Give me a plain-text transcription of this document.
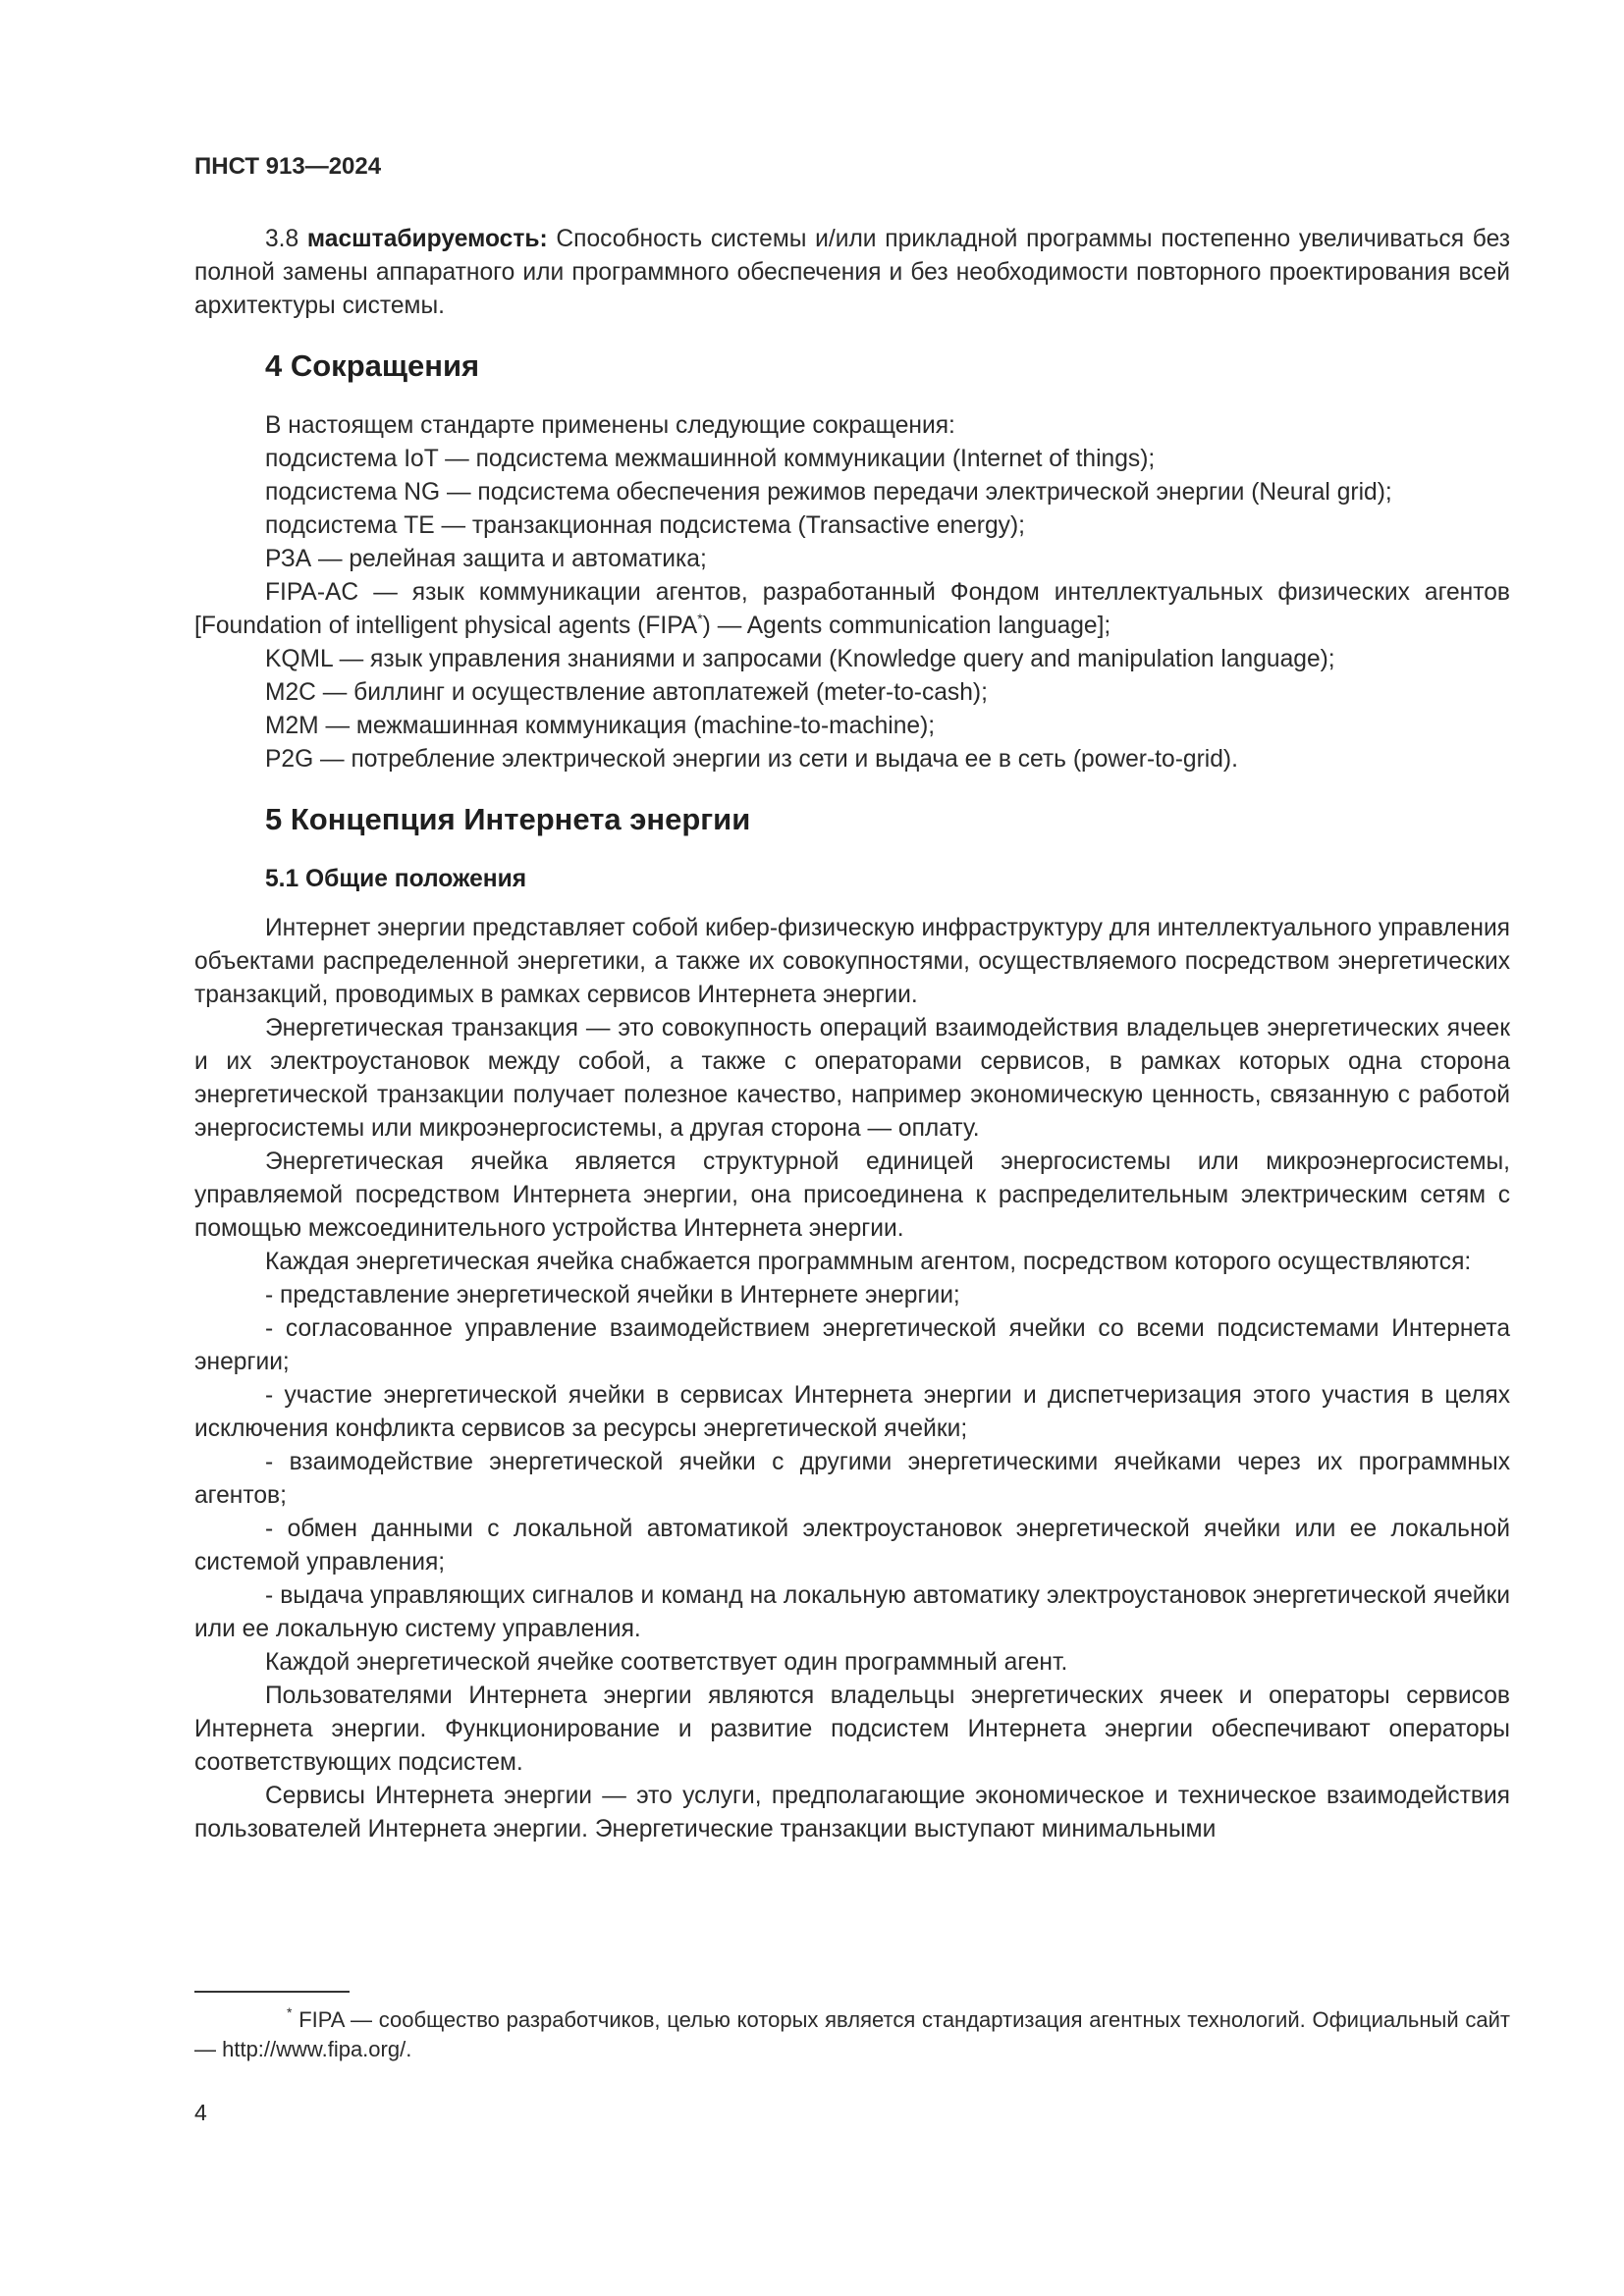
ПНСТ 913—2024

3.8 масштабируемость: Способность системы и/или прикладной программы постепенно увеличиваться без полной замены аппаратного или программного обеспечения и без необходимости повторного проектирования всей архитектуры системы.

4 Сокращения

В настоящем стандарте применены следующие сокращения:

подсистема IoT — подсистема межмашинной коммуникации (Internet of things);

подсистема NG — подсистема обеспечения режимов передачи электрической энергии (Neural grid);

подсистема TE — транзакционная подсистема (Transactive energy);

РЗА — релейная защита и автоматика;

FIPA-AC — язык коммуникации агентов, разработанный Фондом интеллектуальных физических агентов [Foundation of intelligent physical agents (FIPA*) — Agents communication language];

KQML — язык управления знаниями и запросами (Knowledge query and manipulation language);

M2C — биллинг и осуществление автоплатежей (meter-to-cash);

M2M — межмашинная коммуникация (machine-to-machine);

P2G — потребление электрической энергии из сети и выдача ее в сеть (power-to-grid).

5 Концепция Интернета энергии
5.1 Общие положения

Интернет энергии представляет собой кибер-физическую инфраструктуру для интеллектуального управления объектами распределенной энергетики, а также их совокупностями, осуществляемого посредством энергетических транзакций, проводимых в рамках сервисов Интернета энергии.

Энергетическая транзакция — это совокупность операций взаимодействия владельцев энергетических ячеек и их электроустановок между собой, а также с операторами сервисов, в рамках которых одна сторона энергетической транзакции получает полезное качество, например экономическую ценность, связанную с работой энергосистемы или микроэнергосистемы, а другая сторона — оплату.

Энергетическая ячейка является структурной единицей энергосистемы или микроэнергосистемы, управляемой посредством Интернета энергии, она присоединена к распределительным электрическим сетям с помощью межсоединительного устройства Интернета энергии.

Каждая энергетическая ячейка снабжается программным агентом, посредством которого осуществляются:

- представление энергетической ячейки в Интернете энергии;

- согласованное управление взаимодействием энергетической ячейки со всеми подсистемами Интернета энергии;

- участие энергетической ячейки в сервисах Интернета энергии и диспетчеризация этого участия в целях исключения конфликта сервисов за ресурсы энергетической ячейки;

- взаимодействие энергетической ячейки с другими энергетическими ячейками через их программных агентов;

- обмен данными с локальной автоматикой электроустановок энергетической ячейки или ее локальной системой управления;

- выдача управляющих сигналов и команд на локальную автоматику электроустановок энергетической ячейки или ее локальную систему управления.

Каждой энергетической ячейке соответствует один программный агент.

Пользователями Интернета энергии являются владельцы энергетических ячеек и операторы сервисов Интернета энергии. Функционирование и развитие подсистем Интернета энергии обеспечивают операторы соответствующих подсистем.

Сервисы Интернета энергии — это услуги, предполагающие экономическое и техническое взаимодействия пользователей Интернета энергии. Энергетические транзакции выступают минимальными

* FIPA — сообщество разработчиков, целью которых является стандартизация агентных технологий. Официальный сайт — http://www.fipa.org/.
4
